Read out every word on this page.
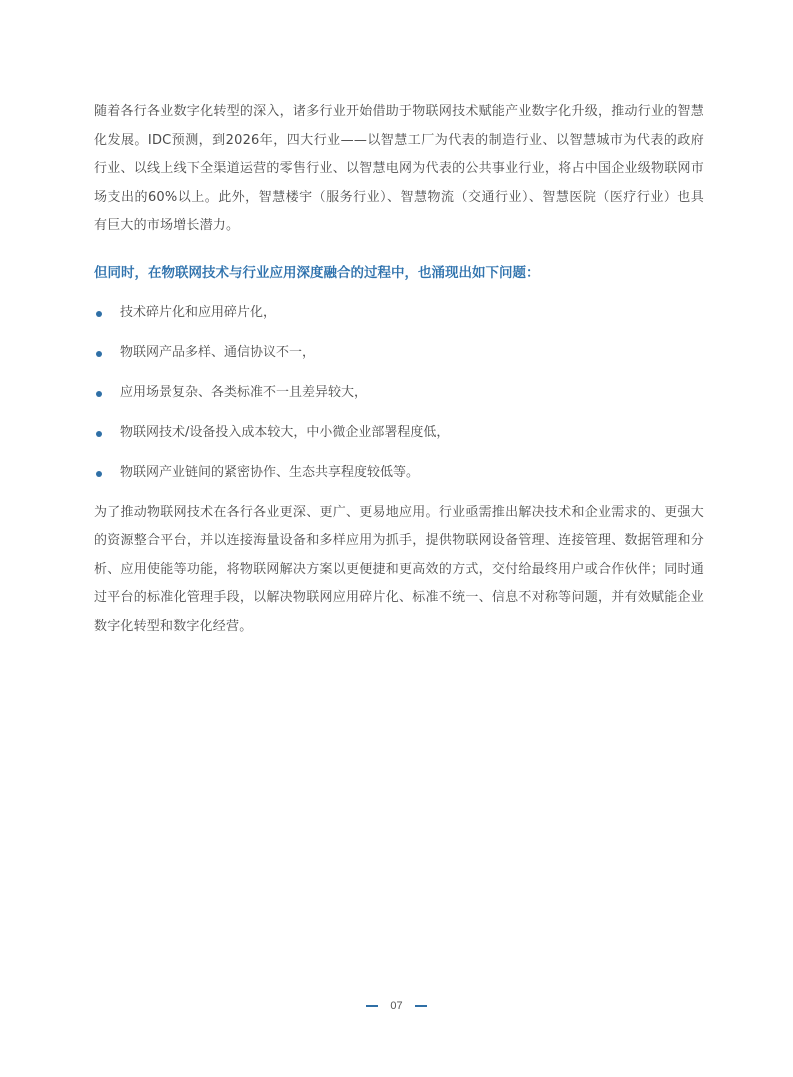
随着各行各业数字化转型的深入，诸多行业开始借助于物联网技术赋能产业数字化升级，推动行业的智慧化发展。IDC预测，到2026年，四大行业——以智慧工厂为代表的制造行业、以智慧城市为代表的政府行业、以线上线下全渠道运营的零售行业、以智慧电网为代表的公共事业行业，将占中国企业级物联网市场支出的60%以上。此外，智慧楼宇（服务行业）、智慧物流（交通行业）、智慧医院（医疗行业）也具有巨大的市场增长潜力。

但同时，在物联网技术与行业应用深度融合的过程中，也涌现出如下问题：

技术碎片化和应用碎片化，
物联网产品多样、通信协议不一，
应用场景复杂、各类标准不一且差异较大，
物联网技术/设备投入成本较大，中小微企业部署程度低，
物联网产业链间的紧密协作、生态共享程度较低等。

为了推动物联网技术在各行各业更深、更广、更易地应用。行业亟需推出解决技术和企业需求的、更强大的资源整合平台，并以连接海量设备和多样应用为抓手，提供物联网设备管理、连接管理、数据管理和分析、应用使能等功能，将物联网解决方案以更便捷和更高效的方式，交付给最终用户或合作伙伴；同时通过平台的标准化管理手段，以解决物联网应用碎片化、标准不统一、信息不对称等问题，并有效赋能企业数字化转型和数字化经营。

07
